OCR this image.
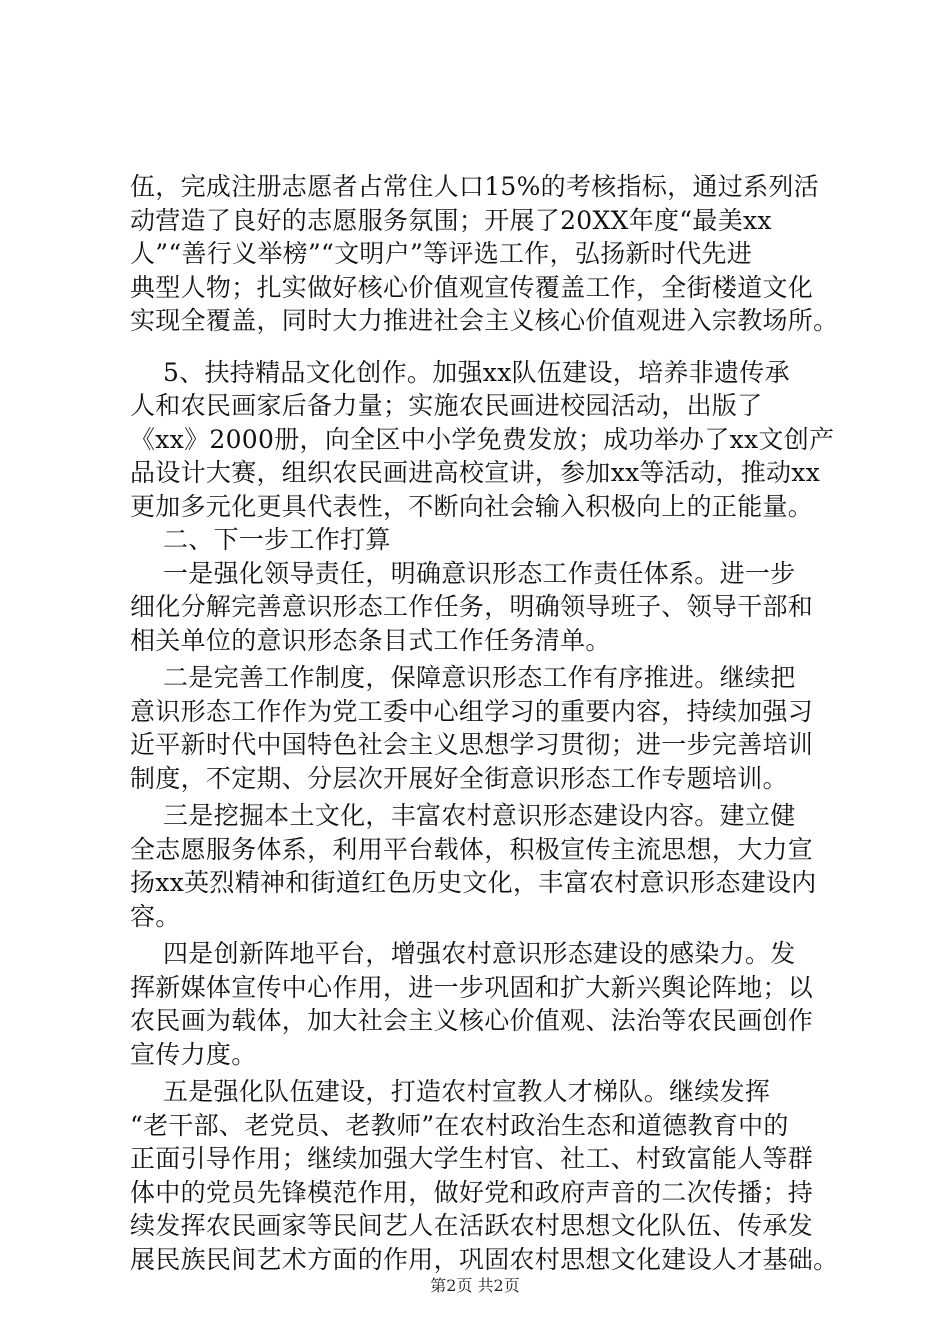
第2页 共2页
伍，完成注册志愿者占常住人口15%的考核指标，通过系列活
动营造了良好的志愿服务氛围；开展了20XX年度“最美xx
人”“善行义举榜”“文明户”等评选工作，弘扬新时代先进
典型人物；扎实做好核心价值观宣传覆盖工作，全街楼道文化
实现全覆盖，同时大力推进社会主义核心价值观进入宗教场所。
5、扶持精品文化创作。加强xx队伍建设，培养非遗传承
人和农民画家后备力量；实施农民画进校园活动，出版了
《xx》2000册，向全区中小学免费发放；成功举办了xx文创产
品设计大赛，组织农民画进高校宣讲，参加xx等活动，推动xx
更加多元化更具代表性，不断向社会输入积极向上的正能量。
二、下一步工作打算
一是强化领导责任，明确意识形态工作责任体系。进一步
细化分解完善意识形态工作任务，明确领导班子、领导干部和
相关单位的意识形态条目式工作任务清单。
二是完善工作制度，保障意识形态工作有序推进。继续把
意识形态工作作为党工委中心组学习的重要内容，持续加强习
近平新时代中国特色社会主义思想学习贯彻；进一步完善培训
制度，不定期、分层次开展好全街意识形态工作专题培训。
三是挖掘本土文化，丰富农村意识形态建设内容。建立健
全志愿服务体系，利用平台载体，积极宣传主流思想，大力宣
扬xx英烈精神和街道红色历史文化，丰富农村意识形态建设内
容。
四是创新阵地平台，增强农村意识形态建设的感染力。发
挥新媒体宣传中心作用，进一步巩固和扩大新兴舆论阵地；以
农民画为载体，加大社会主义核心价值观、法治等农民画创作
宣传力度。
五是强化队伍建设，打造农村宣教人才梯队。继续发挥
“老干部、老党员、老教师”在农村政治生态和道德教育中的
正面引导作用；继续加强大学生村官、社工、村致富能人等群
体中的党员先锋模范作用，做好党和政府声音的二次传播；持
续发挥农民画家等民间艺人在活跃农村思想文化队伍、传承发
展民族民间艺术方面的作用，巩固农村思想文化建设人才基础。
